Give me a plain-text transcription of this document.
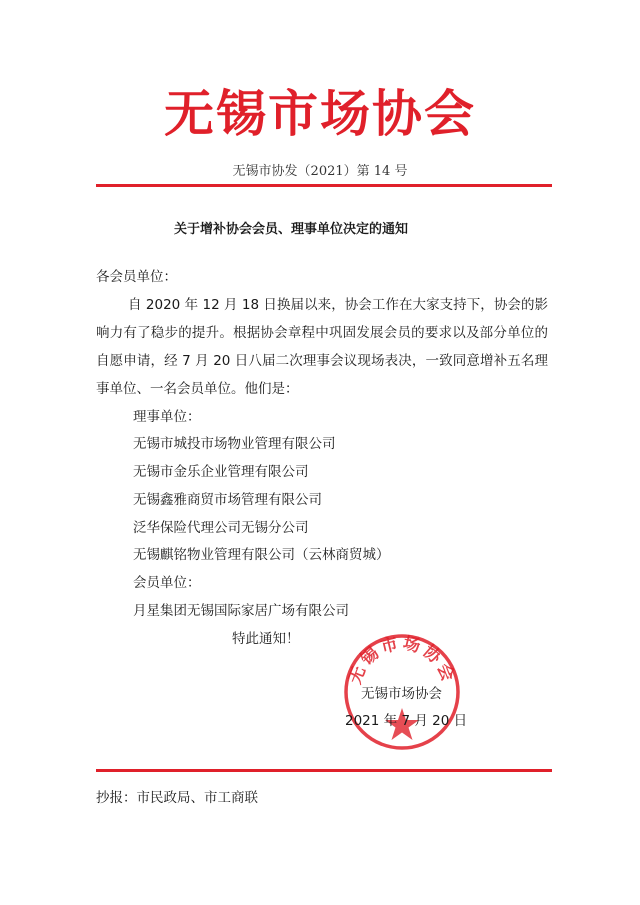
无锡市场协会
无锡市协发（2021）第 14 号
关于增补协会会员、理事单位决定的通知
各会员单位：
自 2020 年 12 月 18 日换届以来，协会工作在大家支持下，协会的影响力有了稳步的提升。根据协会章程中巩固发展会员的要求以及部分单位的自愿申请，经 7 月 20 日八届二次理事会议现场表决，一致同意增补五名理事单位、一名会员单位。他们是：
理事单位：
无锡市城投市场物业管理有限公司
无锡市金乐企业管理有限公司
无锡鑫雅商贸市场管理有限公司
泛华保险代理公司无锡分公司
无锡麒铭物业管理有限公司（云林商贸城）
会员单位：
月星集团无锡国际家居广场有限公司
特此通知！
无锡市场协会
无锡市场协会
2021 年 7 月 20 日
抄报：市民政局、市工商联
